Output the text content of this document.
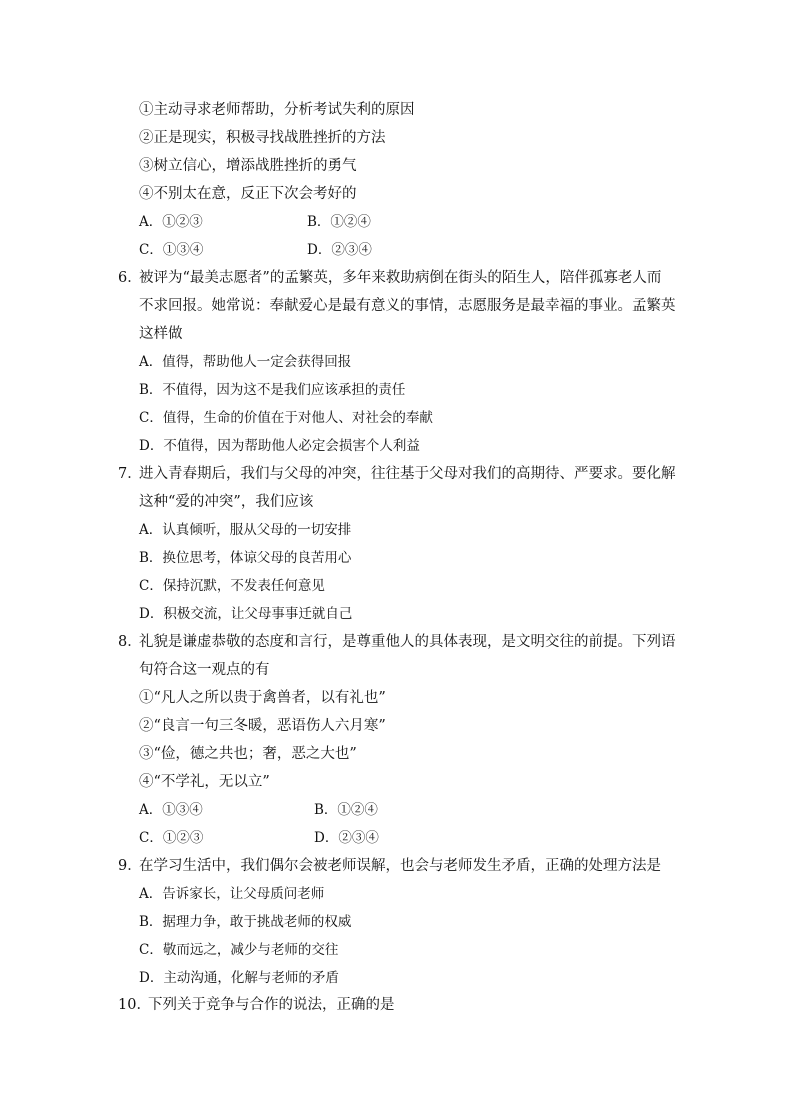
①主动寻求老师帮助，分析考试失利的原因
②正是现实，积极寻找战胜挫折的方法
③树立信心，增添战胜挫折的勇气
④不别太在意，反正下次会考好的
A．①②③	B．①②④
C．①③④	D．②③④
6．
被评为“最美志愿者”的孟繁英，多年来救助病倒在街头的陌生人，陪伴孤寡老人而
不求回报。她常说：奉献爱心是最有意义的事情，志愿服务是最幸福的事业。孟繁英
这样做
A．值得，帮助他人一定会获得回报
B．不值得，因为这不是我们应该承担的责任
C．值得，生命的价值在于对他人、对社会的奉献
D．不值得，因为帮助他人必定会损害个人利益
7．
进入青春期后，我们与父母的冲突，往往基于父母对我们的高期待、严要求。要化解
这种“爱的冲突”，我们应该
A．认真倾听，服从父母的一切安排
B．换位思考，体谅父母的良苦用心
C．保持沉默，不发表任何意见
D．积极交流，让父母事事迁就自己
8．
礼貌是谦虚恭敬的态度和言行，是尊重他人的具体表现，是文明交往的前提。下列语
句符合这一观点的有
①“凡人之所以贵于禽兽者，以有礼也”
②“良言一句三冬暖，恶语伤人六月寒”
③“俭，德之共也；奢，恶之大也”
④“不学礼，无以立”
A．①③④	B．①②④
C．①②③	D．②③④
9．
在学习生活中，我们偶尔会被老师误解，也会与老师发生矛盾，正确的处理方法是
A．告诉家长，让父母质问老师
B．据理力争，敢于挑战老师的权威
C．敬而远之，减少与老师的交往
D．主动沟通，化解与老师的矛盾
10．
下列关于竞争与合作的说法，正确的是
